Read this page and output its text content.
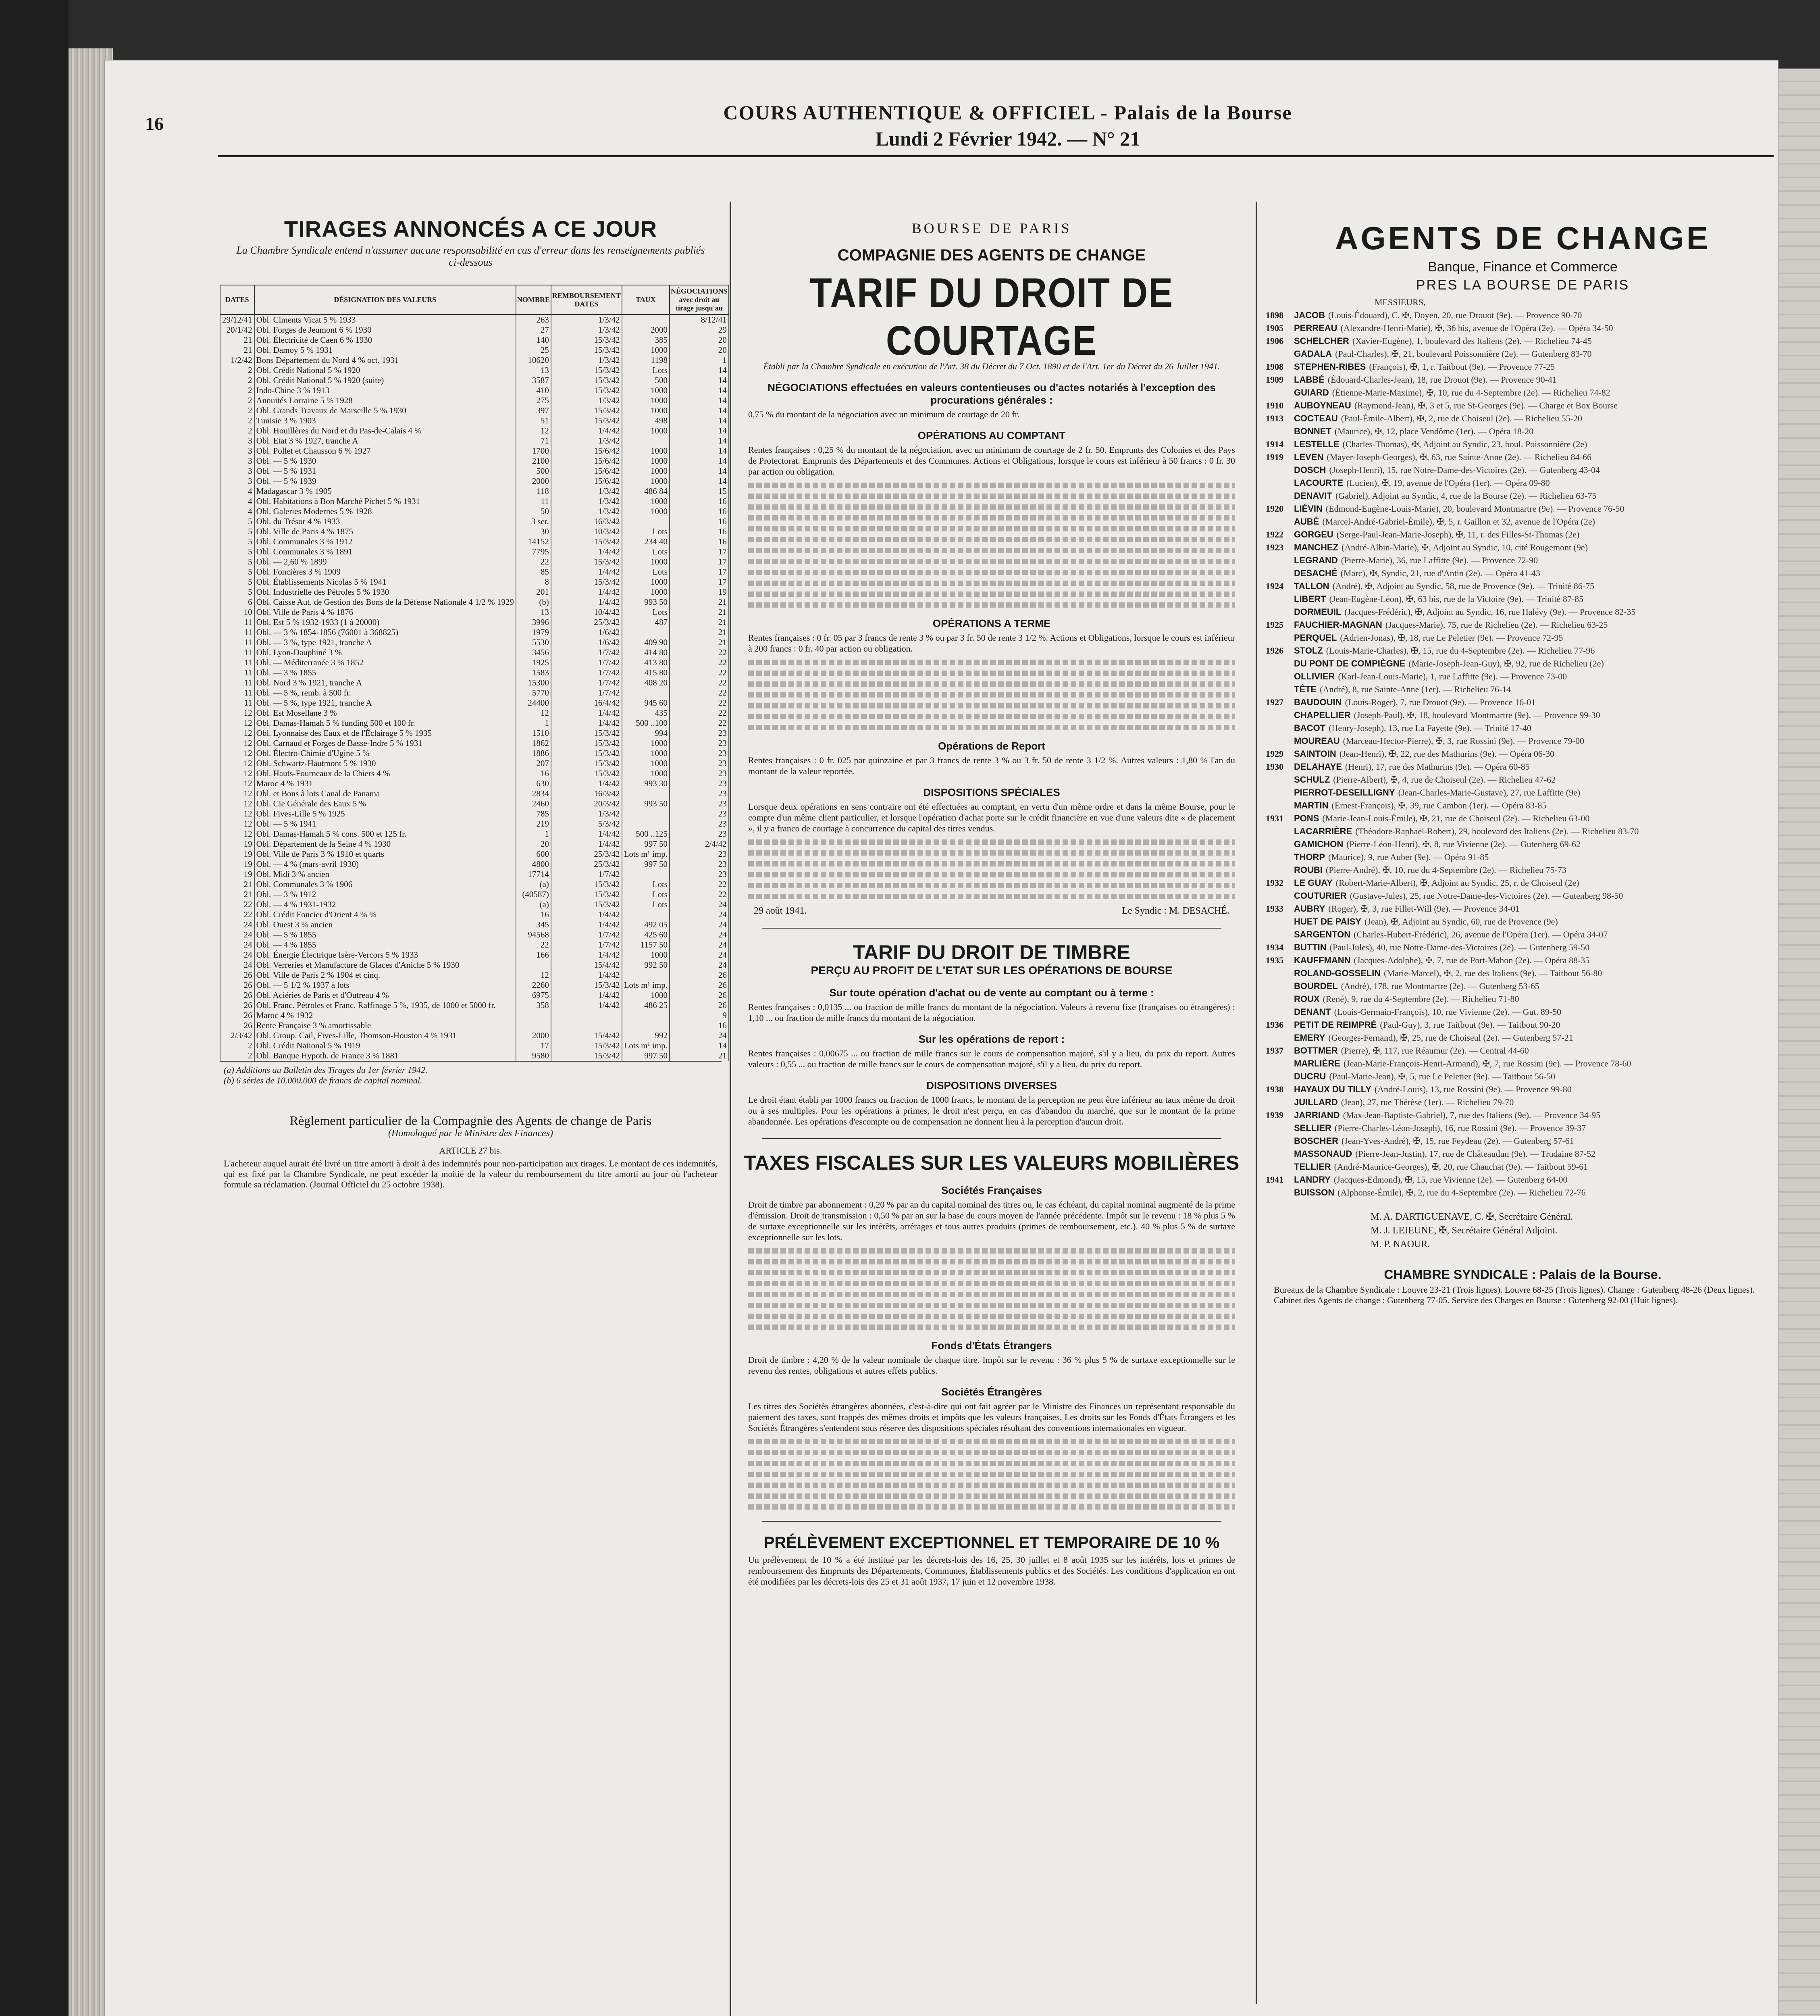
16	COURS AUTHENTIQUE & OFFICIEL - Palais de la Bourse
Lundi 2 Février 1942. — N° 21
TIRAGES ANNONCÉS A CE JOUR
La Chambre Syndicale entend n'assumer aucune responsabilité en cas d'erreur dans les renseignements publiés ci-dessous
DATES	DÉSIGNATION DES VALEURS	NOMBRE	REMBOURSEMENT DATES	TAUX	NÉGOCIATIONS avec droit au tirage jusqu'au
29/12/41	Obl. Ciments Vicat 5 % 1933	263	1/3/42		8/12/41
20/1/42	Obl. Forges de Jeumont 6 % 1930	27	1/3/42	2000	29
21	Obl. Électricité de Caen 6 % 1930	140	15/3/42	385	20
21	Obl. Damoy 5 % 1931	25	15/3/42	1000	20
1/2/42	Bons Département du Nord 4 % oct. 1931	10620	1/3/42	1198	1
2	Obl. Crédit National 5 % 1920	13	15/3/42	Lots	14
2	Obl. Crédit National 5 % 1920 (suite)	3587	15/3/42	500	14
2	Indo-Chine 3 % 1913	410	15/3/42	1000	14
2	Annuités Lorraine 5 % 1928	275	1/3/42	1000	14
2	Obl. Grands Travaux de Marseille 5 % 1930	397	15/3/42	1000	14
2	Tunisie 3 % 1903	51	15/3/42	498	14
2	Obl. Houillères du Nord et du Pas-de-Calais 4 %	12	1/4/42	1000	14
3	Obl. Etat 3 % 1927, tranche A	71	1/3/42		14
3	Obl. Pollet et Chausson 6 % 1927	1700	15/6/42	1000	14
3	Obl. — 5 % 1930	2100	15/6/42	1000	14
3	Obl. — 5 % 1931	500	15/6/42	1000	14
3	Obl. — 5 % 1939	2000	15/6/42	1000	14
4	Madagascar 3 % 1905	118	1/3/42	486 84	15
4	Obl. Habitations à Bon Marché Pichet 5 % 1931	11	1/3/42	1000	16
4	Obl. Galeries Modernes 5 % 1928	50	1/3/42	1000	16
5	Obl. du Trésor 4 % 1933	3 ser.	16/3/42		16
5	Obl. Ville de Paris 4 % 1875	30	10/3/42	Lots	16
5	Obl. Communales 3 % 1912	14152	15/3/42	234 40	16
5	Obl. Communales 3 % 1891	7795	1/4/42	Lots	17
5	Obl. — 2,60 % 1899	22	15/3/42	1000	17
5	Obl. Foncières 3 % 1909	85	1/4/42	Lots	17
5	Obl. Établissements Nicolas 5 % 1941	8	15/3/42	1000	17
5	Obl. Industrielle des Pétroles 5 % 1930	201	1/4/42	1000	19
6	Obl. Caisse Aut. de Gestion des Bons de la Défense Nationale 4 1/2 % 1929	(b)	1/4/42	993 50	21
10	Obl. Ville de Paris 4 % 1876	13	10/4/42	Lots	21
11	Obl. Est 5 % 1932-1933 (1 à 20000)	3996	25/3/42	487	21
11	Obl. — 3 % 1854-1856 (76001 à 368825)	1979	1/6/42		21
11	Obl. — 3 %, type 1921, tranche A	5530	1/6/42	409 90	21
11	Obl. Lyon-Dauphiné 3 %	3456	1/7/42	414 80	22
11	Obl. — Méditerranée 3 % 1852	1925	1/7/42	413 80	22
11	Obl. — 3 % 1855	1583	1/7/42	415 80	22
11	Obl. Nord 3 % 1921, tranche A	15300	1/7/42	408 20	22
11	Obl. — 5 %, remb. à 500 fr.	5770	1/7/42		22
11	Obl. — 5 %, type 1921, tranche A	24400	16/4/42	945 60	22
12	Obl. Est Mosellane 3 %	12	1/4/42	435	22
12	Obl. Damas-Hamah 5 % funding 500 et 100 fr.	1	1/4/42	500 ..100	22
12	Obl. Lyonnaise des Eaux et de l'Éclairage 5 % 1935	1510	15/3/42	994	23
12	Obl. Carnaud et Forges de Basse-Indre 5 % 1931	1862	15/3/42	1000	23
12	Obl. Électro-Chimie d'Ugine 5 %	1886	15/3/42	1000	23
12	Obl. Schwartz-Hautmont 5 % 1930	207	15/3/42	1000	23
12	Obl. Hauts-Fourneaux de la Chiers 4 %	16	15/3/42	1000	23
12	Maroc 4 % 1931	630	1/4/42	993 30	23
12	Obl. et Bons à lots Canal de Panama	2834	16/3/42		23
12	Obl. Cie Générale des Eaux 5 %	2460	20/3/42	993 50	23
12	Obl. Fives-Lille 5 % 1925	785	1/3/42		23
12	Obl. — 5 % 1941	219	5/3/42		23
12	Obl. Damas-Hamah 5 % cons. 500 et 125 fr.	1	1/4/42	500 ..125	23
19	Obl. Département de la Seine 4 % 1930	20	1/4/42	997 50	2/4/42
19	Obl. Ville de Paris 3 % 1910 et quarts	600	25/3/42	Lots m¹ imp.	23
19	Obl. — 4 % (mars-avril 1930)	4800	25/3/42	997 50	23
19	Obl. Midi 3 % ancien	17714	1/7/42		23
21	Obl. Communales 3 % 1906	(a)	15/3/42	Lots	22
21	Obl. — 3 % 1912	(40587)	15/3/42	Lots	22
22	Obl. — 4 % 1931-1932	(a)	15/3/42	Lots	24
22	Obl. Crédit Foncier d'Orient 4 % %	16	1/4/42		24
24	Obl. Ouest 3 % ancien	345	1/4/42	492 05	24
24	Obl. — 5 % 1855	94568	1/7/42	425 60	24
24	Obl. — 4 % 1855	22	1/7/42	1157 50	24
24	Obl. Énergie Électrique Isère-Vercors 5 % 1933	166	1/4/42	1000	24
24	Obl. Verreries et Manufacture de Glaces d'Aniche 5 % 1930		15/4/42	992 50	24
26	Obl. Ville de Paris 2 % 1904 et cinq.	12	1/4/42		26
26	Obl. — 5 1/2 % 1937 à lots	2260	15/3/42	Lots m¹ imp.	26
26	Obl. Aciéries de Paris et d'Outreau 4 %	6975	1/4/42	1000	26
26	Obl. Franc. Pétroles et Franc. Raffinage 5 %, 1935, de 1000 et 5000 fr.	358	1/4/42	486 25	26
26	Maroc 4 % 1932				9
26	Rente Française 3 % amortissable				16
2/3/42	Obl. Group. Cail, Fives-Lille, Thomson-Houston 4 % 1931	2000	15/4/42	992	24
2	Obl. Crédit National 5 % 1919	17	15/3/42	Lots m¹ imp.	14
2	Obl. Banque Hypoth. de France 3 % 1881	9580	15/3/42	997 50	21
(a) Additions au Bulletin des Tirages du 1er février 1942.
(b) 6 séries de 10.000.000 de francs de capital nominal.
Règlement particulier de la Compagnie des Agents de change de Paris
(Homologué par le Ministre des Finances)
ARTICLE 27 bis.
L'acheteur auquel aurait été livré un titre amorti à droit à des indemnités pour non-participation aux tirages. Le montant de ces indemnités, qui est fixé par la Chambre Syndicale, ne peut excéder la moitié de la valeur du remboursement du titre amorti au jour où l'acheteur formule sa réclamation. (Journal Officiel du 25 octobre 1938).
BOURSE DE PARIS
COMPAGNIE DES AGENTS DE CHANGE
TARIF DU DROIT DE COURTAGE
Établi par la Chambre Syndicale en exécution de l'Art. 38 du Décret du 7 Oct. 1890 et de l'Art. 1er du Décret du 26 Juillet 1941.
NÉGOCIATIONS effectuées en valeurs contentieuses ou d'actes notariés à l'exception des procurations générales :
0,75 % du montant de la négociation avec un minimum de courtage de 20 fr.
OPÉRATIONS AU COMPTANT
Rentes françaises : 0,25 % du montant de la négociation, avec un minimum de courtage de 2 fr. 50. Emprunts des Colonies et des Pays de Protectorat. Emprunts des Départements et des Communes. Actions et Obligations, lorsque le cours est inférieur à 50 francs : 0 fr. 30 par action ou obligation.
OPÉRATIONS A TERME
Rentes françaises : 0 fr. 05 par 3 francs de rente 3 % ou par 3 fr. 50 de rente 3 1/2 %. Actions et Obligations, lorsque le cours est inférieur à 200 francs : 0 fr. 40 par action ou obligation.
Opérations de Report
Rentes françaises : 0 fr. 025 par quinzaine et par 3 francs de rente 3 % ou 3 fr. 50 de rente 3 1/2 %. Autres valeurs : 1,80 % l'an du montant de la valeur reportée.
DISPOSITIONS SPÉCIALES
Lorsque deux opérations en sens contraire ont été effectuées au comptant, en vertu d'un même ordre et dans la même Bourse, pour le compte d'un même client particulier, et lorsque l'opération d'achat porte sur le crédit financière en vue d'une valeurs dite « de placement », il y a franco de courtage à concurrence du capital des titres vendus.
29 août 1941.	Le Syndic : M. DESACHÉ.
TARIF DU DROIT DE TIMBRE
PERÇU AU PROFIT DE L'ETAT SUR LES OPÉRATIONS DE BOURSE
Sur toute opération d'achat ou de vente au comptant ou à terme :
Rentes françaises : 0,0135 ... ou fraction de mille francs du montant de la négociation. Valeurs à revenu fixe (françaises ou étrangères) : 1,10 ... ou fraction de mille francs du montant de la négociation.
Sur les opérations de report :
Rentes françaises : 0,00675 ... ou fraction de mille francs sur le cours de compensation majoré, s'il y a lieu, du prix du report. Autres valeurs : 0,55 ... ou fraction de mille francs sur le cours de compensation majoré, s'il y a lieu, du prix du report.
DISPOSITIONS DIVERSES
Le droit étant établi par 1000 francs ou fraction de 1000 francs, le montant de la perception ne peut être inférieur au taux même du droit ou à ses multiples. Pour les opérations à primes, le droit n'est perçu, en cas d'abandon du marché, que sur le montant de la prime abandonnée. Les opérations d'escompte ou de compensation ne donnent lieu à la perception d'aucun droit.
TAXES FISCALES SUR LES VALEURS MOBILIÈRES
Sociétés Françaises
Droit de timbre par abonnement : 0,20 % par an du capital nominal des titres ou, le cas échéant, du capital nominal augmenté de la prime d'émission. Droit de transmission : 0,50 % par an sur la base du cours moyen de l'année précédente. Impôt sur le revenu : 18 % plus 5 % de surtaxe exceptionnelle sur les intérêts, arrérages et tous autres produits (primes de remboursement, etc.). 40 % plus 5 % de surtaxe exceptionnelle sur les lots.
Fonds d'États Étrangers
Droit de timbre : 4,20 % de la valeur nominale de chaque titre. Impôt sur le revenu : 36 % plus 5 % de surtaxe exceptionnelle sur le revenu des rentes, obligations et autres effets publics.
Sociétés Étrangères
Les titres des Sociétés étrangères abonnées, c'est-à-dire qui ont fait agréer par le Ministre des Finances un représentant responsable du paiement des taxes, sont frappés des mêmes droits et impôts que les valeurs françaises. Les droits sur les Fonds d'États Étrangers et les Sociétés Étrangères s'entendent sous réserve des dispositions spéciales résultant des conventions internationales en vigueur.
PRÉLÈVEMENT EXCEPTIONNEL ET TEMPORAIRE DE 10 %
Un prélèvement de 10 % a été institué par les décrets-lois des 16, 25, 30 juillet et 8 août 1935 sur les intérêts, lots et primes de remboursement des Emprunts des Départements, Communes, Établissements publics et des Sociétés. Les conditions d'application en ont été modifiées par les décrets-lois des 25 et 31 août 1937, 17 juin et 12 novembre 1938.
AGENTS DE CHANGE
Banque, Finance et Commerce
PRES LA BOURSE DE PARIS
MESSIEURS,
1898	JACOB (Louis-Édouard), C. ✠, Doyen, 20, rue Drouot (9e). — Provence 90-70
1905	PERREAU (Alexandre-Henri-Marie), ✠, 36 bis, avenue de l'Opéra (2e). — Opéra 34-50
1906	SCHELCHER (Xavier-Eugène), 1, boulevard des Italiens (2e). — Richelieu 74-45
GADALA (Paul-Charles), ✠, 21, boulevard Poissonnière (2e). — Gutenberg 83-70
1908	STEPHEN-RIBES (François), ✠, 1, r. Taitbout (9e). — Provence 77-25
1909	LABBÉ (Édouard-Charles-Jean), 18, rue Drouot (9e). — Provence 90-41
GUIARD (Étienne-Marie-Maxime), ✠, 10, rue du 4-Septembre (2e). — Richelieu 74-82
1910	AUBOYNEAU (Raymond-Jean), ✠, 3 et 5, rue St-Georges (9e). — Charge et Box Bourse
1913	COCTEAU (Paul-Émile-Albert), ✠, 2, rue de Choiseul (2e). — Richelieu 55-20
BONNET (Maurice), ✠, 12, place Vendôme (1er). — Opéra 18-20
1914	LESTELLE (Charles-Thomas), ✠, Adjoint au Syndic, 23, boul. Poissonnière (2e)
1919	LEVEN (Mayer-Joseph-Georges), ✠, 63, rue Sainte-Anne (2e). — Richelieu 84-66
DOSCH (Joseph-Henri), 15, rue Notre-Dame-des-Victoires (2e). — Gutenberg 43-04
LACOURTE (Lucien), ✠, 19, avenue de l'Opéra (1er). — Opéra 09-80
DENAVIT (Gabriel), Adjoint au Syndic, 4, rue de la Bourse (2e). — Richelieu 63-75
1920	LIÉVIN (Edmond-Eugène-Louis-Marie), 20, boulevard Montmartre (9e). — Provence 76-50
AUBÉ (Marcel-André-Gabriel-Émile), ✠, 5, r. Gaillon et 32, avenue de l'Opéra (2e)
1922	GORGEU (Serge-Paul-Jean-Marie-Joseph), ✠, 11, r. des Filles-St-Thomas (2e)
1923	MANCHEZ (André-Albin-Marie), ✠, Adjoint au Syndic, 10, cité Rougemont (9e)
LEGRAND (Pierre-Marie), 36, rue Laffitte (9e). — Provence 72-90
DESACHÉ (Marc), ✠, Syndic, 21, rue d'Antin (2e). — Opéra 41-43
1924	TALLON (André), ✠, Adjoint au Syndic, 58, rue de Provence (9e). — Trinité 86-75
LIBERT (Jean-Eugène-Léon), ✠, 63 bis, rue de la Victoire (9e). — Trinité 87-85
DORMEUIL (Jacques-Frédéric), ✠, Adjoint au Syndic, 16, rue Halévy (9e). — Provence 82-35
1925	FAUCHIER-MAGNAN (Jacques-Marie), 75, rue de Richelieu (2e). — Richelieu 63-25
PERQUEL (Adrien-Jonas), ✠, 18, rue Le Peletier (9e). — Provence 72-95
1926	STOLZ (Louis-Marie-Charles), ✠, 15, rue du 4-Septembre (2e). — Richelieu 77-96
DU PONT DE COMPIÈGNE (Marie-Joseph-Jean-Guy), ✠, 92, rue de Richelieu (2e)
OLLIVIER (Karl-Jean-Louis-Marie), 1, rue Laffitte (9e). — Provence 73-00
TÊTE (André), 8, rue Sainte-Anne (1er). — Richelieu 76-14
1927	BAUDOUIN (Louis-Roger), 7, rue Drouot (9e). — Provence 16-01
CHAPELLIER (Joseph-Paul), ✠, 18, boulevard Montmartre (9e). — Provence 99-30
BACOT (Henry-Joseph), 13, rue La Fayette (9e). — Trinité 17-40
MOUREAU (Marceau-Hector-Pierre), ✠, 3, rue Rossini (9e). — Provence 79-00
1929	SAINTOIN (Jean-Henri), ✠, 22, rue des Mathurins (9e). — Opéra 06-30
1930	DELAHAYE (Henri), 17, rue des Mathurins (9e). — Opéra 60-85
SCHULZ (Pierre-Albert), ✠, 4, rue de Choiseul (2e). — Richelieu 47-62
PIERROT-DESEILLIGNY (Jean-Charles-Marie-Gustave), 27, rue Laffitte (9e)
MARTIN (Ernest-François), ✠, 39, rue Cambon (1er). — Opéra 83-85
1931	PONS (Marie-Jean-Louis-Émile), ✠, 21, rue de Choiseul (2e). — Richelieu 63-00
LACARRIÈRE (Théodore-Raphaël-Robert), 29, boulevard des Italiens (2e). — Richelieu 83-70
GAMICHON (Pierre-Léon-Henri), ✠, 8, rue Vivienne (2e). — Gutenberg 69-62
THORP (Maurice), 9, rue Auber (9e). — Opéra 91-85
ROUBI (Pierre-André), ✠, 10, rue du 4-Septembre (2e). — Richelieu 75-73
1932	LE GUAY (Robert-Marie-Albert), ✠, Adjoint au Syndic, 25, r. de Choiseul (2e)
COUTURIER (Gustave-Jules), 25, rue Notre-Dame-des-Victoires (2e). — Gutenberg 98-50
1933	AUBRY (Roger), ✠, 3, rue Fillet-Will (9e). — Provence 34-01
HUET DE PAISY (Jean), ✠, Adjoint au Syndic, 60, rue de Provence (9e)
SARGENTON (Charles-Hubert-Frédéric), 26, avenue de l'Opéra (1er). — Opéra 34-07
1934	BUTTIN (Paul-Jules), 40, rue Notre-Dame-des-Victoires (2e). — Gutenberg 59-50
1935	KAUFFMANN (Jacques-Adolphe), ✠, 7, rue de Port-Mahon (2e). — Opéra 88-35
ROLAND-GOSSELIN (Marie-Marcel), ✠, 2, rue des Italiens (9e). — Taitbout 56-80
BOURDEL (André), 178, rue Montmartre (2e). — Gutenberg 53-65
ROUX (René), 9, rue du 4-Septembre (2e). — Richelieu 71-80
DENANT (Louis-Germain-François), 10, rue Vivienne (2e). — Gut. 89-50
1936	PETIT DE REIMPRÉ (Paul-Guy), 3, rue Taitbout (9e). — Taitbout 90-20
EMERY (Georges-Fernand), ✠, 25, rue de Choiseul (2e). — Gutenberg 57-21
1937	BOTTMER (Pierre), ✠, 117, rue Réaumur (2e). — Central 44-60
MARLIÈRE (Jean-Marie-François-Henri-Armand), ✠, 7, rue Rossini (9e). — Provence 78-60
DUCRU (Paul-Marie-Jean), ✠, 5, rue Le Peletier (9e). — Taitbout 56-50
1938	HAYAUX DU TILLY (André-Louis), 13, rue Rossini (9e). — Provence 99-80
JUILLARD (Jean), 27, rue Thérèse (1er). — Richelieu 79-70
1939	JARRIAND (Max-Jean-Baptiste-Gabriel), 7, rue des Italiens (9e). — Provence 34-95
SELLIER (Pierre-Charles-Léon-Joseph), 16, rue Rossini (9e). — Provence 39-37
BOSCHER (Jean-Yves-André), ✠, 15, rue Feydeau (2e). — Gutenberg 57-61
MASSONAUD (Pierre-Jean-Justin), 17, rue de Châteaudun (9e). — Trudaine 87-52
TELLIER (André-Maurice-Georges), ✠, 20, rue Chauchat (9e). — Taitbout 59-61
1941	LANDRY (Jacques-Edmond), ✠, 15, rue Vivienne (2e). — Gutenberg 64-00
BUISSON (Alphonse-Émile), ✠, 2, rue du 4-Septembre (2e). — Richelieu 72-76
M. A. DARTIGUENAVE, C. ✠, Secrétaire Général.
M. J. LEJEUNE, ✠, Secrétaire Général Adjoint.
M. P. NAOUR.
CHAMBRE SYNDICALE : Palais de la Bourse.
Bureaux de la Chambre Syndicale : Louvre 23-21 (Trois lignes). Louvre 68-25 (Trois lignes). Change : Gutenberg 48-26 (Deux lignes). Cabinet des Agents de change : Gutenberg 77-05. Service des Charges en Bourse : Gutenberg 92-00 (Huit lignes).
